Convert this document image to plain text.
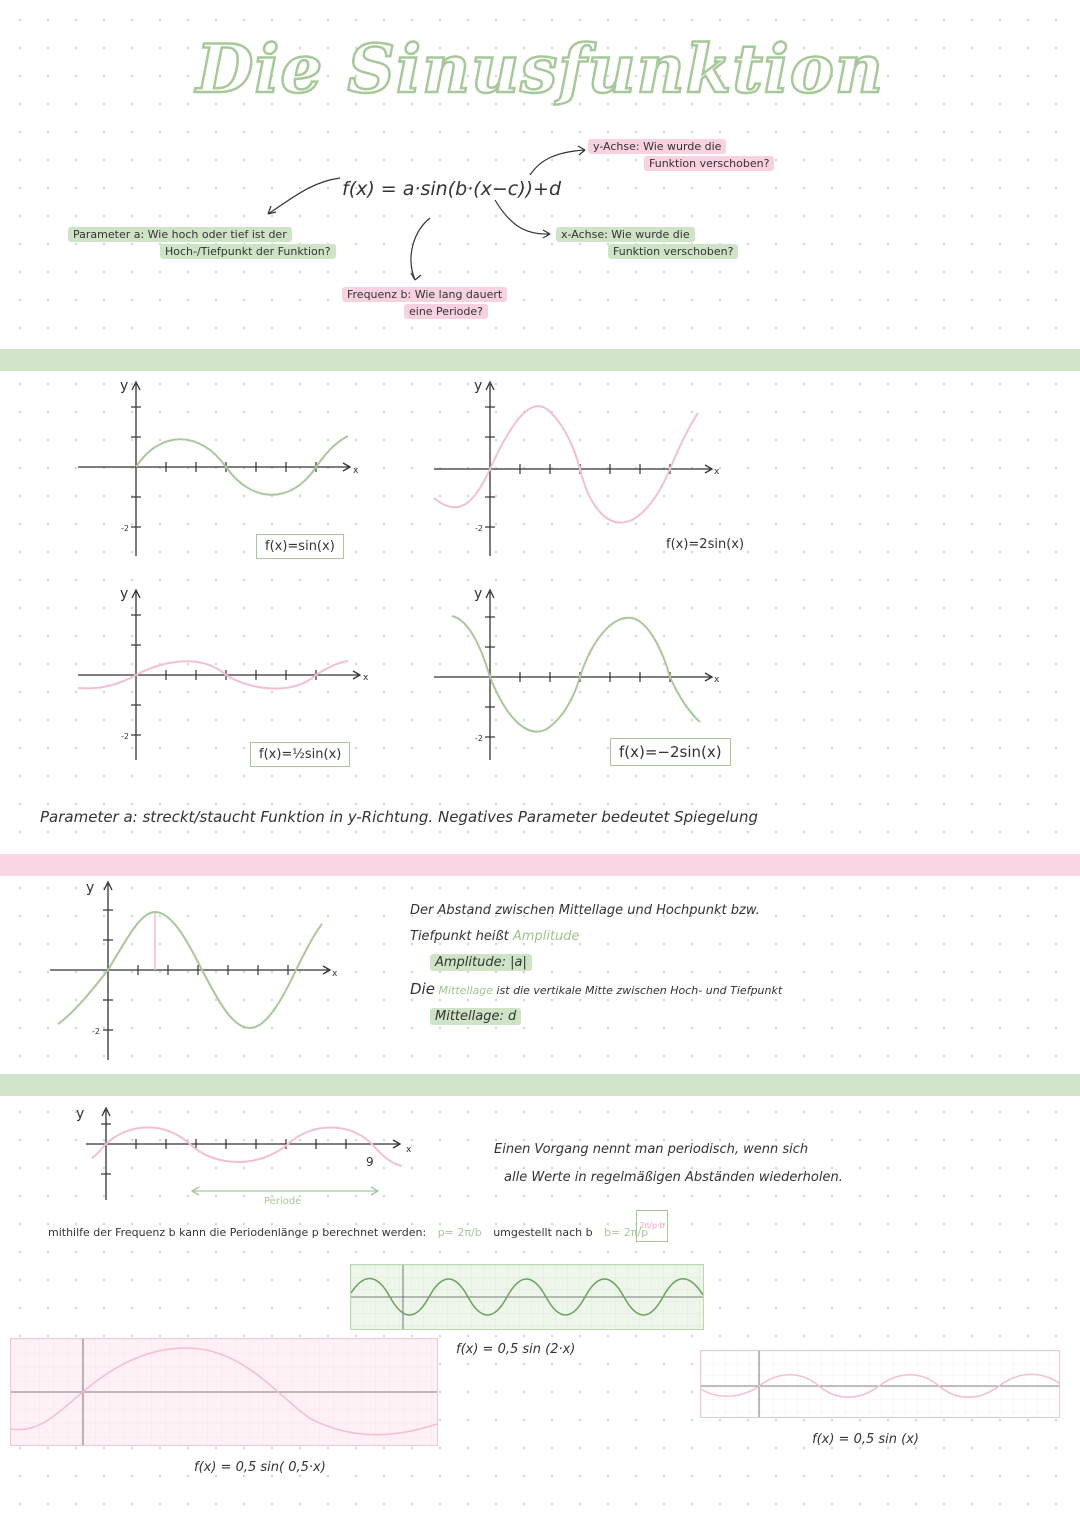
Die Sinusfunktion
f(x) = a·sin(b·(x−c))+d
Parameter a: Wie hoch oder tief ist der
Hoch-/Tiefpunkt der Funktion?
Frequenz b: Wie lang dauert
eine Periode?
x-Achse: Wie wurde die
Funktion verschoben?
y-Achse: Wie wurde die
Funktion verschoben?
y
x
-2
y
x
-2
y
x
-2
y
x
-2
f(x)=sin(x)	f(x)=2sin(x)
f(x)=½sin(x)	f(x)=−2sin(x)
Parameter a: streckt/staucht Funktion in y-Richtung. Negatives Parameter bedeutet Spiegelung
y
x
-2
Der Abstand zwischen Mittellage und Hochpunkt bzw.
Tiefpunkt heißt Amplitude
Amplitude: |a|
Die Mittellage ist die vertikale Mitte zwischen Hoch- und Tiefpunkt
Mittellage: d
Periode
y
x
9
Einen Vorgang nennt man periodisch, wenn sich
alle Werte in regelmäßigen Abständen wiederholen.
mithilfe der Frequenz b kann die Periodenlänge p berechnet werden: p= 2π/b umgestellt nach b b= 2π/p
2π/p·b
f(x) = 0,5 sin (2·x)
f(x) = 0,5 sin( 0,5·x)
f(x) = 0,5 sin (x)
